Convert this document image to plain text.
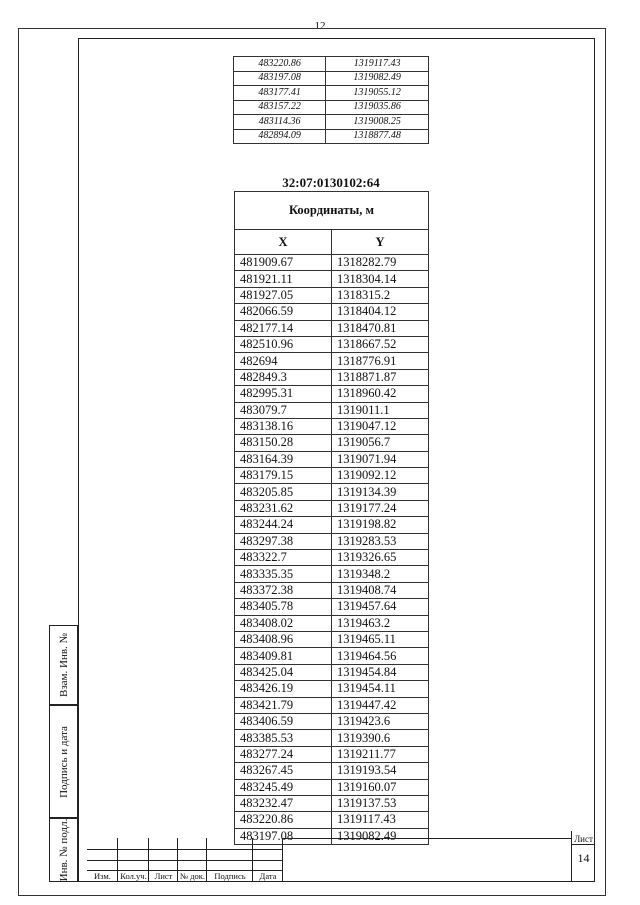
12
Взам. Инв. №
Подпись и дата
Инв. № подл.
483220.86	1319117.43
483197.08	1319082.49
483177.41	1319055.12
483157.22	1319035.86
483114.36	1319008.25
482894.09	1318877.48
32:07:0130102:64
Координаты, м	
X	Y
481909.67	1318282.79
481921.11	1318304.14
481927.05	1318315.2
482066.59	1318404.12
482177.14	1318470.81
482510.96	1318667.52
482694	1318776.91
482849.3	1318871.87
482995.31	1318960.42
483079.7	1319011.1
483138.16	1319047.12
483150.28	1319056.7
483164.39	1319071.94
483179.15	1319092.12
483205.85	1319134.39
483231.62	1319177.24
483244.24	1319198.82
483297.38	1319283.53
483322.7	1319326.65
483335.35	1319348.2
483372.38	1319408.74
483405.78	1319457.64
483408.02	1319463.2
483408.96	1319465.11
483409.81	1319464.56
483425.04	1319454.84
483426.19	1319454.11
483421.79	1319447.42
483406.59	1319423.6
483385.53	1319390.6
483277.24	1319211.77
483267.45	1319193.54
483245.49	1319160.07
483232.47	1319137.53
483220.86	1319117.43
483197.08	1319082.49
Изм.	Кол.уч. Лист № док.	Подпись	Дата
Лист
14
